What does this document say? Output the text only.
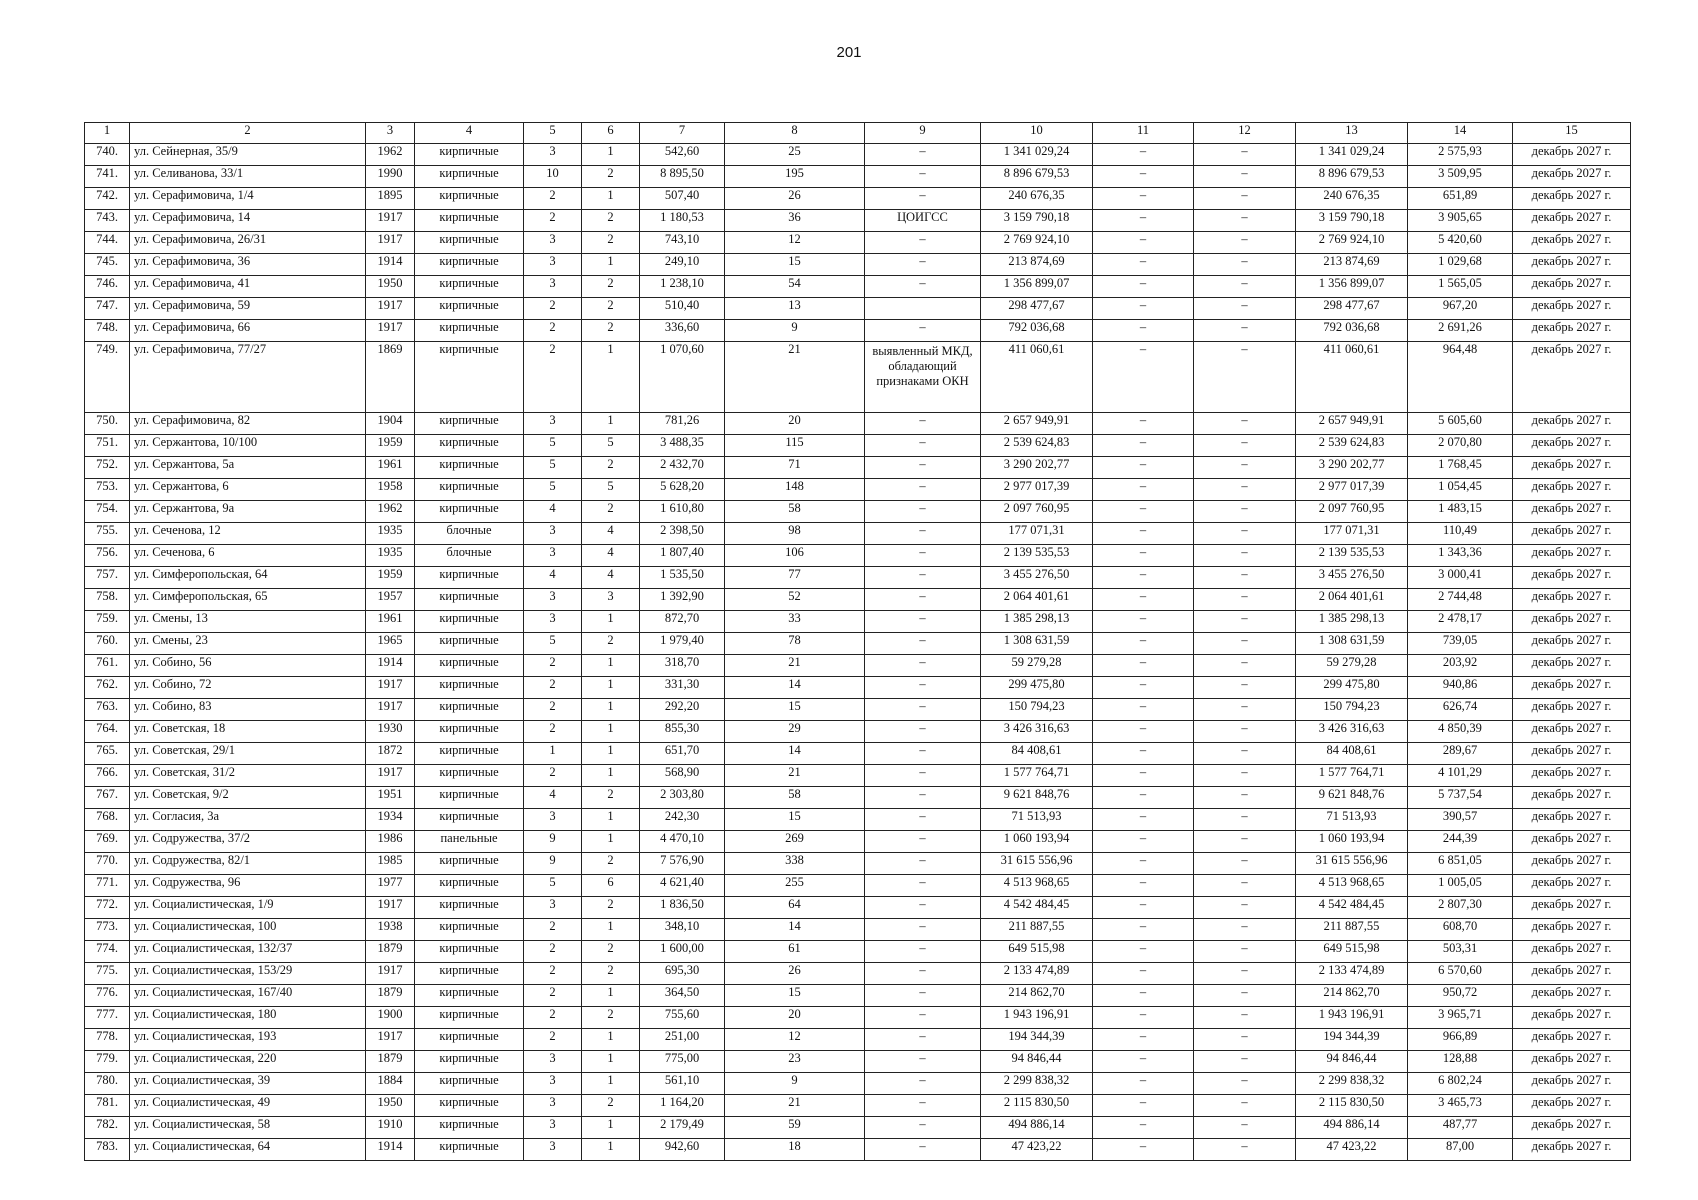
201
1	2	3	4	5	6	7	8	9	10	11	12	13	14	15
740.	ул. Сейнерная, 35/9	1962	кирпичные	3	1	542,60	25	–	1 341 029,24	–	–	1 341 029,24	2 575,93	декабрь 2027 г.
741.	ул. Селиванова, 33/1	1990	кирпичные	10	2	8 895,50	195	–	8 896 679,53	–	–	8 896 679,53	3 509,95	декабрь 2027 г.
742.	ул. Серафимовича, 1/4	1895	кирпичные	2	1	507,40	26	–	240 676,35	–	–	240 676,35	651,89	декабрь 2027 г.
743.	ул. Серафимовича, 14	1917	кирпичные	2	2	1 180,53	36	ЦОИГСС	3 159 790,18	–	–	3 159 790,18	3 905,65	декабрь 2027 г.
744.	ул. Серафимовича, 26/31	1917	кирпичные	3	2	743,10	12	–	2 769 924,10	–	–	2 769 924,10	5 420,60	декабрь 2027 г.
745.	ул. Серафимовича, 36	1914	кирпичные	3	1	249,10	15	–	213 874,69	–	–	213 874,69	1 029,68	декабрь 2027 г.
746.	ул. Серафимовича, 41	1950	кирпичные	3	2	1 238,10	54	–	1 356 899,07	–	–	1 356 899,07	1 565,05	декабрь 2027 г.
747.	ул. Серафимовича, 59	1917	кирпичные	2	2	510,40	13		298 477,67	–	–	298 477,67	967,20	декабрь 2027 г.
748.	ул. Серафимовича, 66	1917	кирпичные	2	2	336,60	9	–	792 036,68	–	–	792 036,68	2 691,26	декабрь 2027 г.
749.	ул. Серафимовича, 77/27	1869	кирпичные	2	1	1 070,60	21	выявленный МКД, обладающий признаками ОКН	411 060,61	–	–	411 060,61	964,48	декабрь 2027 г.
750.	ул. Серафимовича, 82	1904	кирпичные	3	1	781,26	20	–	2 657 949,91	–	–	2 657 949,91	5 605,60	декабрь 2027 г.
751.	ул. Сержантова, 10/100	1959	кирпичные	5	5	3 488,35	115	–	2 539 624,83	–	–	2 539 624,83	2 070,80	декабрь 2027 г.
752.	ул. Сержантова, 5а	1961	кирпичные	5	2	2 432,70	71	–	3 290 202,77	–	–	3 290 202,77	1 768,45	декабрь 2027 г.
753.	ул. Сержантова, 6	1958	кирпичные	5	5	5 628,20	148	–	2 977 017,39	–	–	2 977 017,39	1 054,45	декабрь 2027 г.
754.	ул. Сержантова, 9а	1962	кирпичные	4	2	1 610,80	58	–	2 097 760,95	–	–	2 097 760,95	1 483,15	декабрь 2027 г.
755.	ул. Сеченова, 12	1935	блочные	3	4	2 398,50	98	–	177 071,31	–	–	177 071,31	110,49	декабрь 2027 г.
756.	ул. Сеченова, 6	1935	блочные	3	4	1 807,40	106	–	2 139 535,53	–	–	2 139 535,53	1 343,36	декабрь 2027 г.
757.	ул. Симферопольская, 64	1959	кирпичные	4	4	1 535,50	77	–	3 455 276,50	–	–	3 455 276,50	3 000,41	декабрь 2027 г.
758.	ул. Симферопольская, 65	1957	кирпичные	3	3	1 392,90	52	–	2 064 401,61	–	–	2 064 401,61	2 744,48	декабрь 2027 г.
759.	ул. Смены, 13	1961	кирпичные	3	1	872,70	33	–	1 385 298,13	–	–	1 385 298,13	2 478,17	декабрь 2027 г.
760.	ул. Смены, 23	1965	кирпичные	5	2	1 979,40	78	–	1 308 631,59	–	–	1 308 631,59	739,05	декабрь 2027 г.
761.	ул. Собино, 56	1914	кирпичные	2	1	318,70	21	–	59 279,28	–	–	59 279,28	203,92	декабрь 2027 г.
762.	ул. Собино, 72	1917	кирпичные	2	1	331,30	14	–	299 475,80	–	–	299 475,80	940,86	декабрь 2027 г.
763.	ул. Собино, 83	1917	кирпичные	2	1	292,20	15	–	150 794,23	–	–	150 794,23	626,74	декабрь 2027 г.
764.	ул. Советская, 18	1930	кирпичные	2	1	855,30	29	–	3 426 316,63	–	–	3 426 316,63	4 850,39	декабрь 2027 г.
765.	ул. Советская, 29/1	1872	кирпичные	1	1	651,70	14	–	84 408,61	–	–	84 408,61	289,67	декабрь 2027 г.
766.	ул. Советская, 31/2	1917	кирпичные	2	1	568,90	21	–	1 577 764,71	–	–	1 577 764,71	4 101,29	декабрь 2027 г.
767.	ул. Советская, 9/2	1951	кирпичные	4	2	2 303,80	58	–	9 621 848,76	–	–	9 621 848,76	5 737,54	декабрь 2027 г.
768.	ул. Согласия, 3а	1934	кирпичные	3	1	242,30	15	–	71 513,93	–	–	71 513,93	390,57	декабрь 2027 г.
769.	ул. Содружества, 37/2	1986	панельные	9	1	4 470,10	269	–	1 060 193,94	–	–	1 060 193,94	244,39	декабрь 2027 г.
770.	ул. Содружества, 82/1	1985	кирпичные	9	2	7 576,90	338	–	31 615 556,96	–	–	31 615 556,96	6 851,05	декабрь 2027 г.
771.	ул. Содружества, 96	1977	кирпичные	5	6	4 621,40	255	–	4 513 968,65	–	–	4 513 968,65	1 005,05	декабрь 2027 г.
772.	ул. Социалистическая, 1/9	1917	кирпичные	3	2	1 836,50	64	–	4 542 484,45	–	–	4 542 484,45	2 807,30	декабрь 2027 г.
773.	ул. Социалистическая, 100	1938	кирпичные	2	1	348,10	14	–	211 887,55	–	–	211 887,55	608,70	декабрь 2027 г.
774.	ул. Социалистическая, 132/37	1879	кирпичные	2	2	1 600,00	61	–	649 515,98	–	–	649 515,98	503,31	декабрь 2027 г.
775.	ул. Социалистическая, 153/29	1917	кирпичные	2	2	695,30	26	–	2 133 474,89	–	–	2 133 474,89	6 570,60	декабрь 2027 г.
776.	ул. Социалистическая, 167/40	1879	кирпичные	2	1	364,50	15	–	214 862,70	–	–	214 862,70	950,72	декабрь 2027 г.
777.	ул. Социалистическая, 180	1900	кирпичные	2	2	755,60	20	–	1 943 196,91	–	–	1 943 196,91	3 965,71	декабрь 2027 г.
778.	ул. Социалистическая, 193	1917	кирпичные	2	1	251,00	12	–	194 344,39	–	–	194 344,39	966,89	декабрь 2027 г.
779.	ул. Социалистическая, 220	1879	кирпичные	3	1	775,00	23	–	94 846,44	–	–	94 846,44	128,88	декабрь 2027 г.
780.	ул. Социалистическая, 39	1884	кирпичные	3	1	561,10	9	–	2 299 838,32	–	–	2 299 838,32	6 802,24	декабрь 2027 г.
781.	ул. Социалистическая, 49	1950	кирпичные	3	2	1 164,20	21	–	2 115 830,50	–	–	2 115 830,50	3 465,73	декабрь 2027 г.
782.	ул. Социалистическая, 58	1910	кирпичные	3	1	2 179,49	59	–	494 886,14	–	–	494 886,14	487,77	декабрь 2027 г.
783.	ул. Социалистическая, 64	1914	кирпичные	3	1	942,60	18	–	47 423,22	–	–	47 423,22	87,00	декабрь 2027 г.
